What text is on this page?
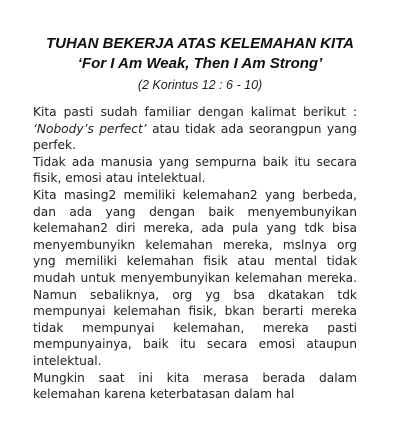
TUHAN BEKERJA ATAS KELEMAHAN KITA

‘For I Am Weak, Then I Am Strong’

(2 Korintus 12 : 6 - 10)

Kita pasti sudah familiar dengan kalimat berikut : ‘Nobody’s perfect’ atau tidak ada seorangpun yang perfek.

Tidak ada manusia yang sempurna baik itu secara fisik, emosi atau intelektual.

Kita masing2 memiliki kelemahan2 yang berbeda, dan ada yang dengan baik menyembunyikan kelemahan2 diri mereka, ada pula yang tdk bisa menyembunyikn kelemahan mereka, mslnya org yng memiliki kelemahan fisik atau mental tidak mudah untuk menyembunyikan kelemahan mereka. Namun sebaliknya, org yg bsa dkatakan tdk mempunyai kelemahan fisik, bkan berarti mereka tidak mempunyai kelemahan, mereka pasti mempunyainya, baik itu secara emosi ataupun intelektual.

Mungkin saat ini kita merasa berada dalam kelemahan karena keterbatasan dalam hal
